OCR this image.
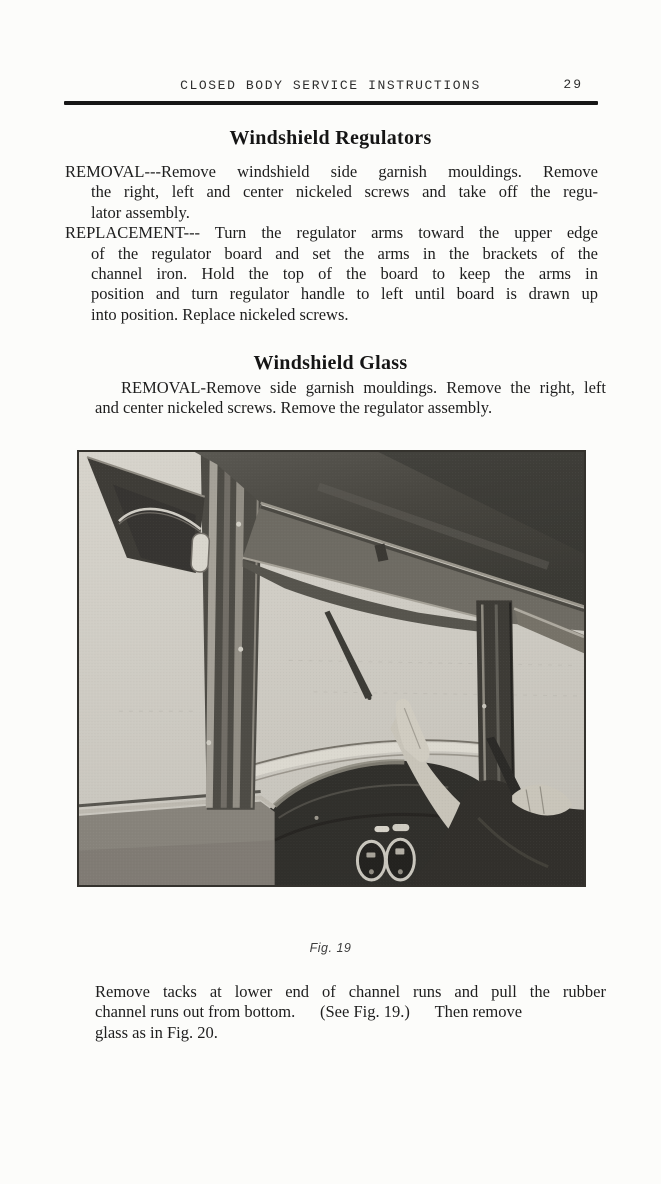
CLOSED BODY SERVICE INSTRUCTIONS	29
Windshield Regulators
REMOVAL---Remove windshield side garnish mouldings. Remove
the right, left and center nickeled screws and take off the regu-
lator assembly.
REPLACEMENT--- Turn the regulator arms toward the upper edge
of the regulator board and set the arms in the brackets of the
channel iron. Hold the top of the board to keep the arms in
position and turn regulator handle to left until board is drawn up
into position. Replace nickeled screws.
Windshield Glass
REMOVAL-Remove side garnish mouldings. Remove the right, left
and center nickeled screws. Remove the regulator assembly.
Fig. 19
Remove tacks at lower end of channel runs and pull the rubber
channel runs out from bottom.  (See Fig. 19.)  Then remove
glass as in Fig. 20.
